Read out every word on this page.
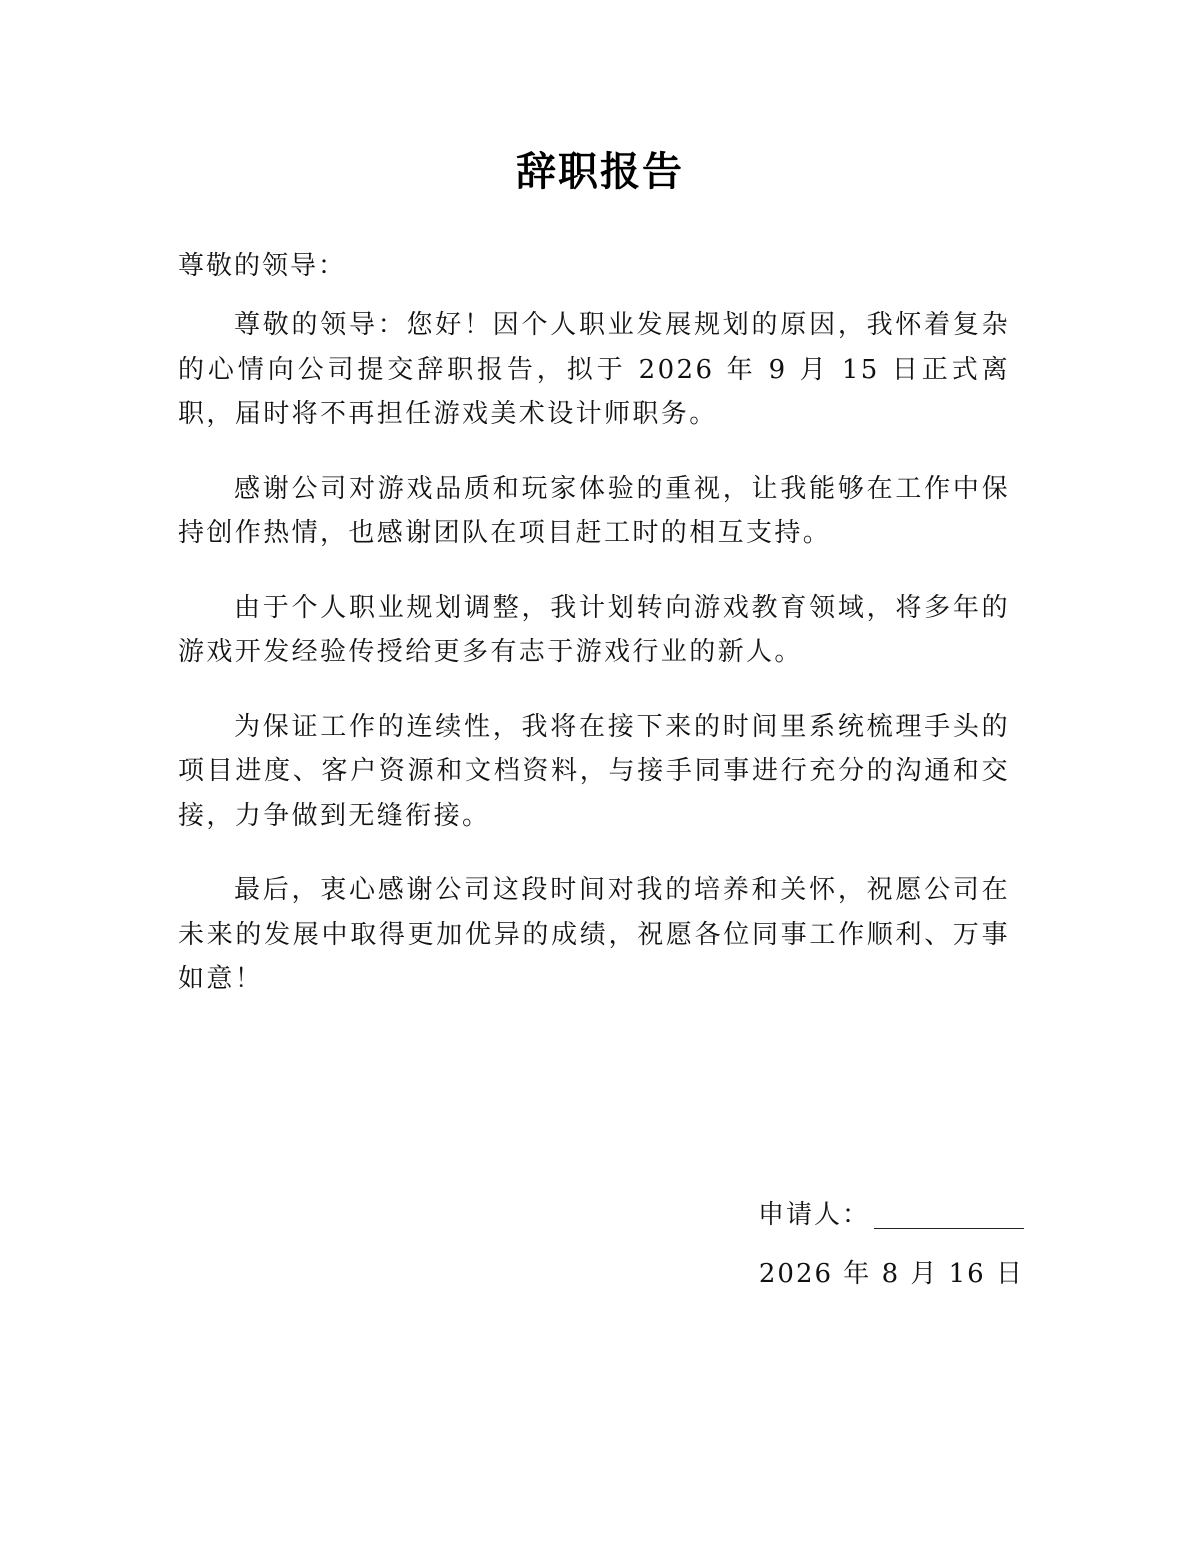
辞职报告
尊敬的领导：

尊敬的领导：您好！因个人职业发展规划的原因，我怀着复杂的心情向公司提交辞职报告，拟于 2026 年 9 月 15 日正式离职，届时将不再担任游戏美术设计师职务。

感谢公司对游戏品质和玩家体验的重视，让我能够在工作中保持创作热情，也感谢团队在项目赶工时的相互支持。

由于个人职业规划调整，我计划转向游戏教育领域，将多年的游戏开发经验传授给更多有志于游戏行业的新人。

为保证工作的连续性，我将在接下来的时间里系统梳理手头的项目进度、客户资源和文档资料，与接手同事进行充分的沟通和交接，力争做到无缝衔接。

最后，衷心感谢公司这段时间对我的培养和关怀，祝愿公司在未来的发展中取得更加优异的成绩，祝愿各位同事工作顺利、万事如意！

申请人：
2026 年 8 月 16 日
